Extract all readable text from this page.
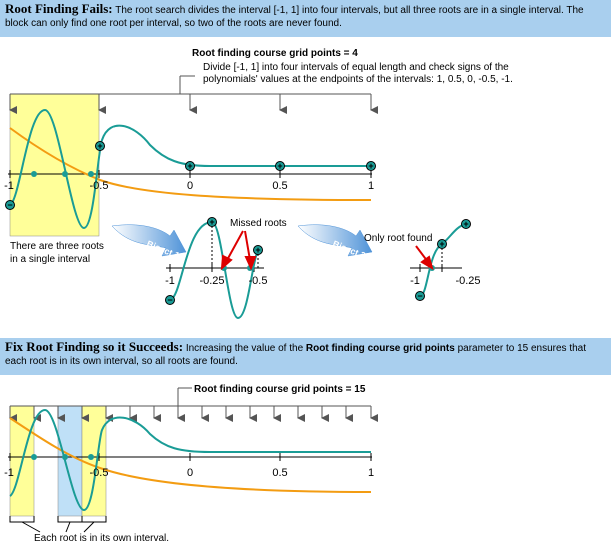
Root Finding Fails: The root search divides the interval [-1, 1] into four intervals, but all three roots are in a single interval. The block can only find one root per interval, so two of the roots are never found.
Fix Root Finding so it Succeeds: Increasing the value of the Root finding course grid points parameter to 15 ensures that each root is in its own interval, so all roots are found.
Root finding course grid points = 4
Divide [-1, 1] into four intervals of equal length and check signs of the
polynomials' values at the endpoints of the intervals: 1, 0.5, 0, -0.5, -1.
−
+
+	+	+
-1	-0.5	0	0.5	1
There are three roots
in a single interval	Bisect 1
−
+
+
Missed roots
-1 -0.25 -0.5
Bisect 2
−
+
+
Only root found
-1	-0.25
Root finding course grid points = 15
-1	-0.5	0	0.5	1
Each root is in its own interval.
